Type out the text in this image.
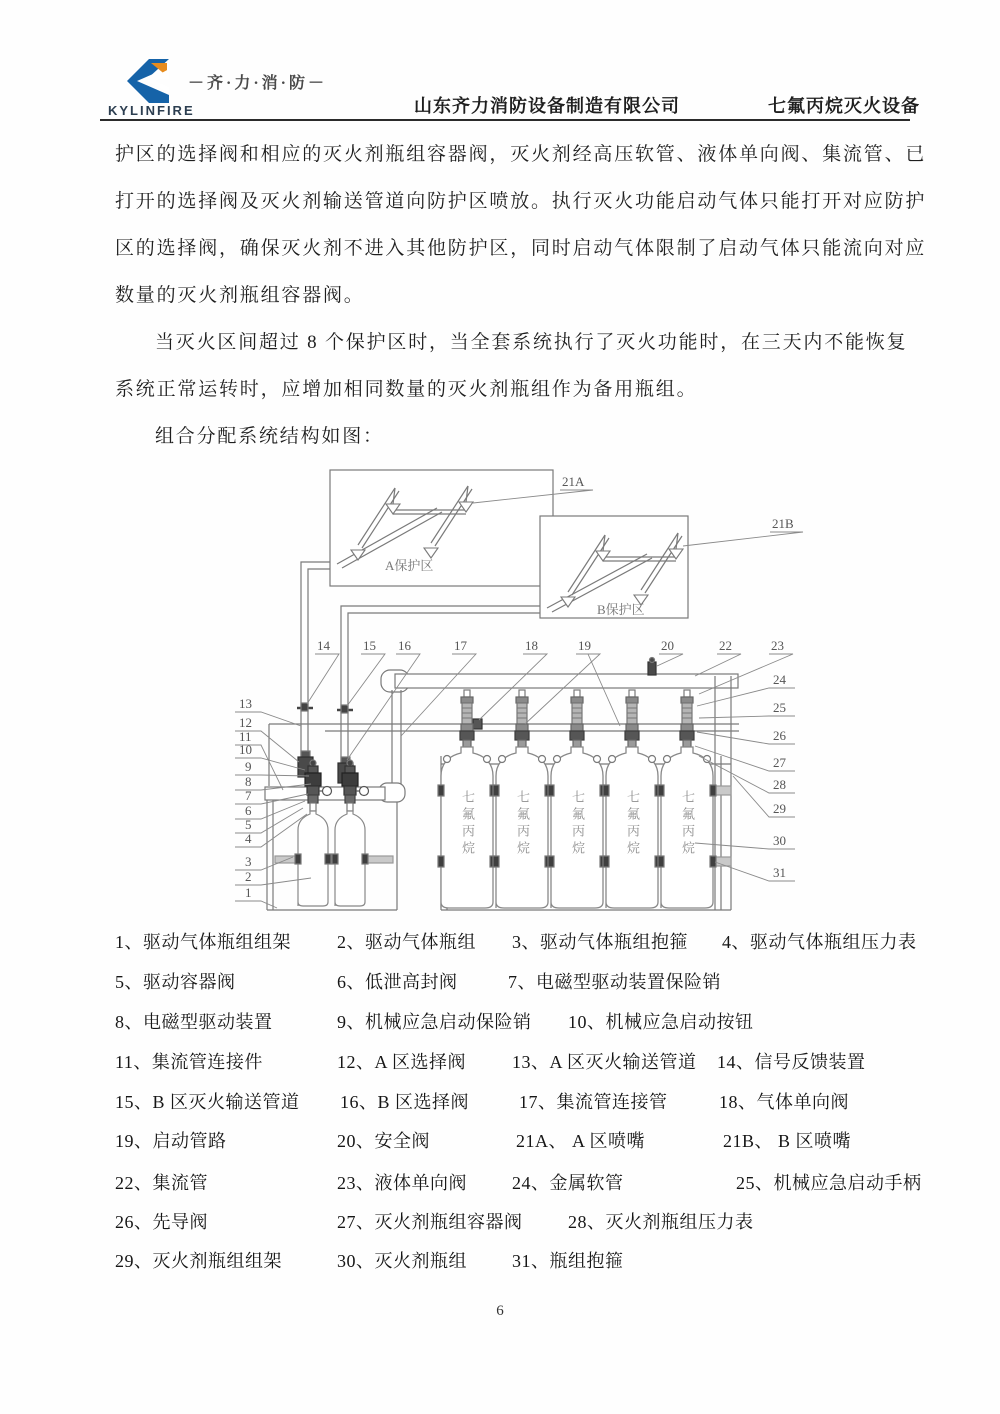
KYLINFIRE
－齐·力·消·防－
山东齐力消防设备制造有限公司	七氟丙烷灭火设备
护区的选择阀和相应的灭火剂瓶组容器阀，灭火剂经高压软管、液体单向阀、集流管、已
打开的选择阀及灭火剂输送管道向防护区喷放。执行灭火功能启动气体只能打开对应防护
区的选择阀，确保灭火剂不进入其他防护区，同时启动气体限制了启动气体只能流向对应
数量的灭火剂瓶组容器阀。
当灭火区间超过 8 个保护区时，当全套系统执行了灭火功能时，在三天内不能恢复
系统正常运转时，应增加相同数量的灭火剂瓶组作为备用瓶组。
组合分配系统结构如图：
21A
21B
14	15 16	17	18	19	20	22	23
24
25
26
27
28
29
30
31
13
12
11
10
9
8
7
6
5
4
3
2
1
A保护区
B保护区
七氟丙烷	七氟丙烷	七氟丙烷	七氟丙烷	七氟丙烷
1、驱动气体瓶组组架	2、驱动气体瓶组 3、驱动气体瓶组抱箍 4、驱动气体瓶组压力表
5、驱动容器阀	6、低泄高封阀	7、电磁型驱动装置保险销
8、电磁型驱动装置	9、机械应急启动保险销 10、机械应急启动按钮
11、集流管连接件	12、A 区选择阀	13、A 区灭火输送管道 14、信号反馈装置
15、B 区灭火输送管道 16、B 区选择阀	17、集流管连接管	18、气体单向阀
19、启动管路	20、安全阀	21A、 A 区喷嘴	21B、 B 区喷嘴
22、集流管	23、液体单向阀	24、金属软管	25、机械应急启动手柄
26、先导阀	27、灭火剂瓶组容器阀	28、灭火剂瓶组压力表
29、灭火剂瓶组组架	30、灭火剂瓶组	31、瓶组抱箍
6
